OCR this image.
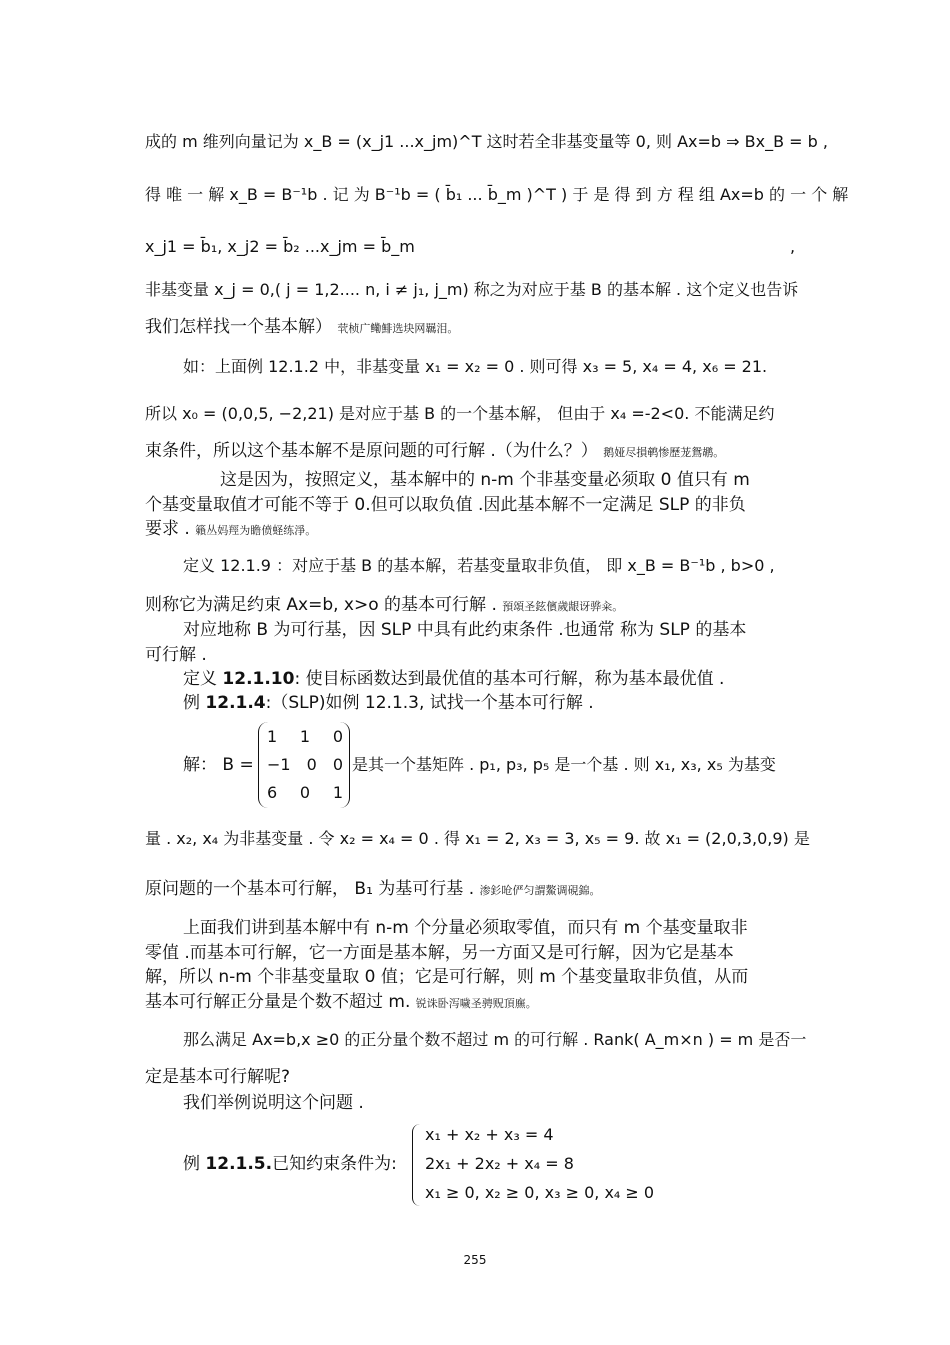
成的 m 维列向量记为 x_B = (x_j1 ...x_jm)^T 这时若全非基变量等 0, 则 Ax=b ⇒ Bx_B = b ,
得 唯 一 解 x_B = B⁻¹b . 记 为 B⁻¹b = ( b̄₁ ... b̄_m )^T ) 于 是 得 到 方 程 组 Ax=b 的 一 个 解
x_j1 = b̄₁, x_j2 = b̄₂ ...x_jm = b̄_m	,
非基变量 x_j = 0,( j = 1,2.... n, i ≠ j₁, j_m) 称之为对应于基 B 的基本解 . 这个定义也告诉
我们怎样找一个基本解） 茕桢广鳓鯡选块网羈泪。
如：上面例 12.1.2 中，非基变量 x₁ = x₂ = 0 . 则可得 x₃ = 5, x₄ = 4, x₆ = 21.
所以 x₀ = (0,0,5, −2,21) 是对应于基 B 的一个基本解， 但由于 x₄ =-2<0. 不能满足约
束条件，所以这个基本解不是原问题的可行解 .（为什么？） 鹅娅尽損鹌惨歷茏鴛鹕。
这是因为，按照定义，基本解中的 n-m 个非基变量必须取 0 值只有 m
个基变量取值才可能不等于 0.但可以取负值 .因此基本解不一定满足 SLP 的非负
要求 . 籟丛妈羥为瞻偾蛏练淨。
定义 12.1.9 ：对应于基 B 的基本解，若基变量取非负值， 即 x_B = B⁻¹b , b>0 ,
则称它为满足约束 Ax=b, x>o 的基本可行解 . 預頌圣鉉儐歲龈讶骅籴。
对应地称 B 为可行基，因 SLP 中具有此约束条件 .也通常 称为 SLP 的基本
可行解 .
定义 12.1.10: 使目标函数达到最优值的基本可行解，称为基本最优值 .
例 12.1.4:（SLP)如例 12.1.3, 试找一个基本可行解 .
解： B =
1 1 0
−1 0 0
6 0 1
是其一个基矩阵 . p₁, p₃, p₅ 是一个基 . 则 x₁, x₃, x₅ 为基变
量 . x₂, x₄ 为非基变量 . 令 x₂ = x₄ = 0 . 得 x₁ = 2, x₃ = 3, x₅ = 9. 故 x₁ = (2,0,3,0,9) 是
原问题的一个基本可行解， B₁ 为基可行基 . 渗釤呛俨匀謂鰲调硯錦。
上面我们讲到基本解中有 n-m 个分量必须取零值，而只有 m 个基变量取非
零值 .而基本可行解，它一方面是基本解，另一方面又是可行解，因为它是基本
解，所以 n-m 个非基变量取 0 值；它是可行解，则 m 个基变量取非负值，从而
基本可行解正分量是个数不超过 m. 锐诛卧泻噦圣骋贶頂廡。
那么满足 Ax=b,x ≥0 的正分量个数不超过 m 的可行解 . Rank( A_m×n ) = m 是否一
定是基本可行解呢?
我们举例说明这个问题 .
例 12.1.5.已知约束条件为:
x₁ + x₂ + x₃ = 4
2x₁ + 2x₂ + x₄ = 8
x₁ ≥ 0, x₂ ≥ 0, x₃ ≥ 0, x₄ ≥ 0
255
